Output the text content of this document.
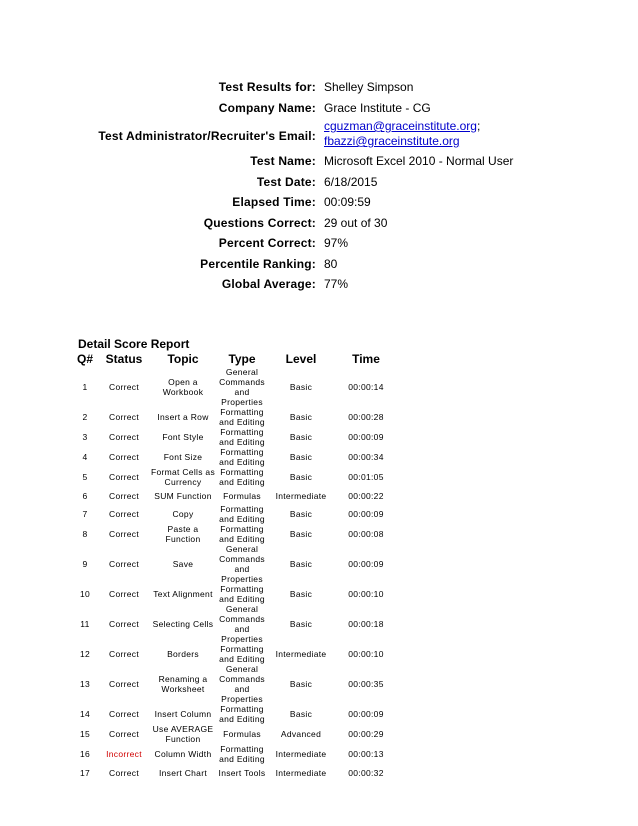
Test Results for: Shelley Simpson
Company Name: Grace Institute - CG
Test Administrator/Recruiter's Email:
cguzman@graceinstitute.org;
fbazzi@graceinstitute.org
Test Name: Microsoft Excel 2010 - Normal User
Test Date: 6/18/2015
Elapsed Time: 00:09:59
Questions Correct: 29 out of 30
Percent Correct: 97%
Percentile Ranking: 80
Global Average: 77%
Detail Score Report
Q#	Status	Topic	Type	Level	Time
1	Correct	Open a Workbook	General Commands and Properties	Basic	00:00:14
2	Correct	Insert a Row	Formatting and Editing	Basic	00:00:28
3	Correct	Font Style	Formatting and Editing	Basic	00:00:09
4	Correct	Font Size	Formatting and Editing	Basic	00:00:34
5	Correct	Format Cells as Currency	Formatting and Editing	Basic	00:01:05
6	Correct	SUM Function	Formulas	Intermediate	00:00:22
7	Correct	Copy	Formatting and Editing	Basic	00:00:09
8	Correct	Paste a Function	Formatting and Editing	Basic	00:00:08
9	Correct	Save	General Commands and Properties	Basic	00:00:09
10	Correct	Text Alignment	Formatting and Editing	Basic	00:00:10
11	Correct	Selecting Cells	General Commands and Properties	Basic	00:00:18
12	Correct	Borders	Formatting and Editing	Intermediate	00:00:10
13	Correct	Renaming a Worksheet	General Commands and Properties	Basic	00:00:35
14	Correct	Insert Column	Formatting and Editing	Basic	00:00:09
15	Correct	Use AVERAGE Function	Formulas	Advanced	00:00:29
16	Incorrect	Column Width	Formatting and Editing	Intermediate	00:00:13
17	Correct	Insert Chart	Insert Tools	Intermediate	00:00:32
